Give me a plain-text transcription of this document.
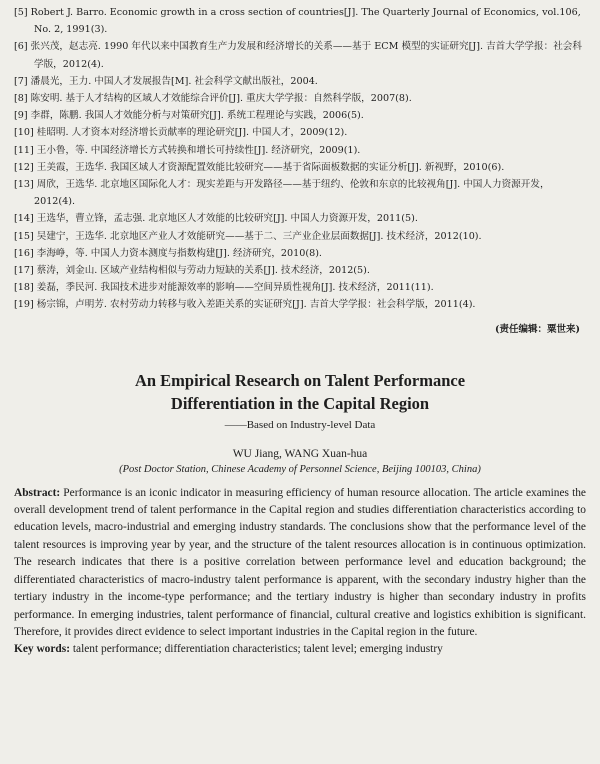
[5] Robert J. Barro. Economic growth in a cross section of countries[J]. The Quarterly Journal of Economics, vol.106, No. 2, 1991(3).
[6] 张兴茂，赵志亮. 1990 年代以来中国教育生产力发展和经济增长的关系——基于 ECM 模型的实证研究[J]. 吉首大学学报：社会科学版，2012(4).
[7] 潘晨光，王力. 中国人才发展报告[M]. 社会科学文献出版社，2004.
[8] 陈安明. 基于人才结构的区域人才效能综合评价[J]. 重庆大学学报：自然科学版，2007(8).
[9] 李群，陈鹏. 我国人才效能分析与对策研究[J]. 系统工程理论与实践，2006(5).
[10] 桂昭明. 人才资本对经济增长贡献率的理论研究[J]. 中国人才，2009(12).
[11] 王小鲁，等. 中国经济增长方式转换和增长可持续性[J]. 经济研究，2009(1).
[12] 王美霞，王选华. 我国区域人才资源配置效能比较研究——基于省际面板数据的实证分析[J]. 新视野，2010(6).
[13] 周欣，王选华. 北京地区国际化人才：现实差距与开发路径——基于纽约、伦敦和东京的比较视角[J]. 中国人力资源开发，2012(4).
[14] 王选华，曹立锋，孟志强. 北京地区人才效能的比较研究[J]. 中国人力资源开发，2011(5).
[15] 吴建宁，王选华. 北京地区产业人才效能研究——基于二、三产业企业层面数据[J]. 技术经济，2012(10).
[16] 李海峥，等. 中国人力资本测度与指数构建[J]. 经济研究，2010(8).
[17] 蔡涛，刘金山. 区域产业结构相似与劳动力短缺的关系[J]. 技术经济，2012(5).
[18] 姜磊，季民河. 我国技术进步对能源效率的影响——空间异质性视角[J]. 技术经济，2011(11).
[19] 杨宗锦，卢明芳. 农村劳动力转移与收入差距关系的实证研究[J]. 吉首大学学报：社会科学版，2011(4).
(责任编辑：粟世来)
An Empirical Research on Talent Performance
Differentiation in the Capital Region
——Based on Industry-level Data
WU Jiang, WANG Xuan-hua
(Post Doctor Station, Chinese Academy of Personnel Science, Beijing 100103, China)
Abstract: Performance is an iconic indicator in measuring efficiency of human resource allocation. The article examines the overall development trend of talent performance in the Capital region and studies differentiation characteristics according to education levels, macro-industrial and emerging industry standards. The conclusions show that the performance level of the talent resources is improving year by year, and the structure of the talent resources allocation is in continuous optimization. The research indicates that there is a positive correlation between performance level and education background; the differentiated characteristics of macro-industry talent performance is apparent, with the secondary industry higher than the tertiary industry in the income-type performance; and the tertiary industry is higher than secondary industry in profits performance. In emerging industries, talent performance of financial, cultural creative and logistics exhibition is significant. Therefore, it provides direct evidence to select important industries in the Capital region in the future.
Key words: talent performance; differentiation characteristics; talent level; emerging industry
